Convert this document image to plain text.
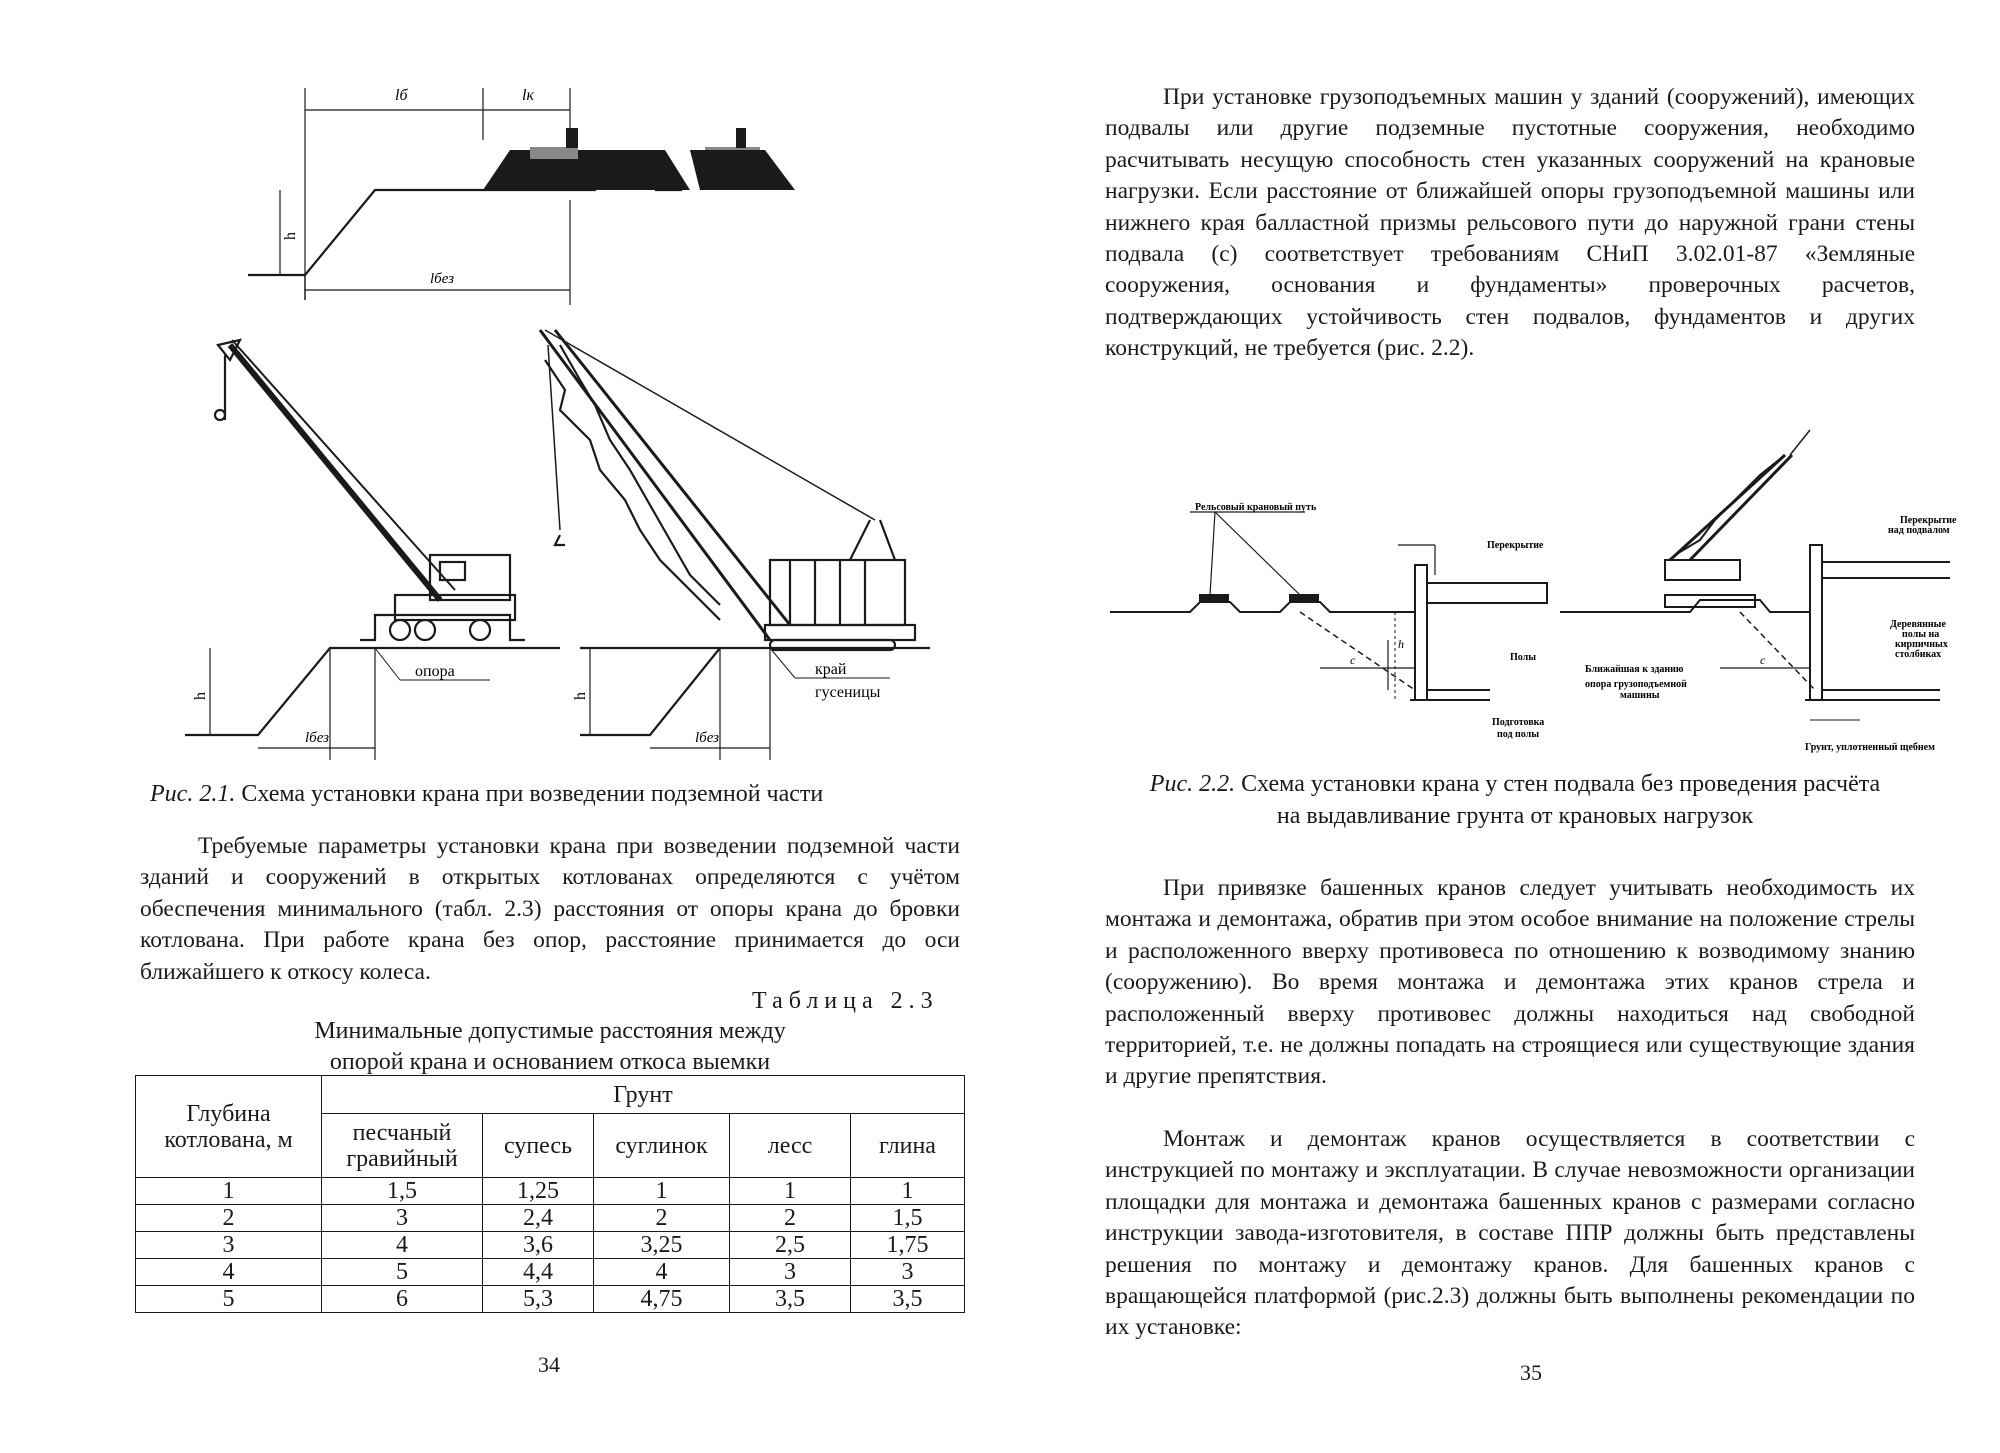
lб	lк
h
lбез
h	h
lбез	lбез
опора	край
гусеницы

Рис. 2.1. Схема установки крана при возведении подземной части

Требуемые параметры установки крана при возведении подземной части зданий и сооружений в открытых котлованах определяются с учётом обеспечения минимального (табл. 2.3) расстояния от опоры крана до бровки котлована. При работе крана без опор, расстояние принимается до оси ближайшего к откосу колеса.

Таблица 2.3
Минимальные допустимые расстояния между
опорой крана и основанием откоса выемки
Глубина котлована, м	Грунт				
	песчаный гравийный	супесь	суглинок	лесс	глина
1	1,5	1,25	1	1	1
2	3	2,4	2	2	1,5
3	4	3,6	3,25	2,5	1,75
4	5	4,4	4	3	3
5	6	5,3	4,75	3,5	3,5
34

При установке грузоподъемных машин у зданий (сооружений), имеющих подвалы или другие подземные пустотные сооружения, необходимо расчитывать несущую способность стен указанных сооружений на крановые нагрузки. Если расстояние от ближайшей опоры грузоподъемной машины или нижнего края балластной призмы рельсового пути до наружной грани стены подвала (с) соответствует требованиям СНиП 3.02.01-87 «Земляные сооружения, основания и фундаменты» проверочных расчетов, подтверждающих устойчивость стен подвалов, фундаментов и других конструкций, не требуется (рис. 2.2).

Рельсовый крановый путь
Перекрытие
Полы
Подготовка
под полы
h
c
Перекрытие
над подвалом
Деревянные
полы на
кирпичных
столбиках
Ближайшая к зданию
опора грузоподъемной
машины
Грунт, уплотненный щебнем
c

Рис. 2.2. Схема установки крана у стен подвала без проведения расчёта
на выдавливание грунта от крановых нагрузок

При привязке башенных кранов следует учитывать необходимость их монтажа и демонтажа, обратив при этом особое внимание на положение стрелы и расположенного вверху противовеса по отношению к возводимому знанию (сооружению). Во время монтажа и демонтажа этих кранов стрела и расположенный вверху противовес должны находиться над свободной территорией, т.е. не должны попадать на строящиеся или существующие здания и другие препятствия.

Монтаж и демонтаж кранов осуществляется в соответствии с инструкцией по монтажу и эксплуатации. В случае невозможности организации площадки для монтажа и демонтажа башенных кранов с размерами согласно инструкции завода-изготовителя, в составе ППР должны быть представлены решения по монтажу и демонтажу кранов. Для башенных кранов с вращающейся платформой (рис.2.3) должны быть выполнены рекомендации по их установке:

35
